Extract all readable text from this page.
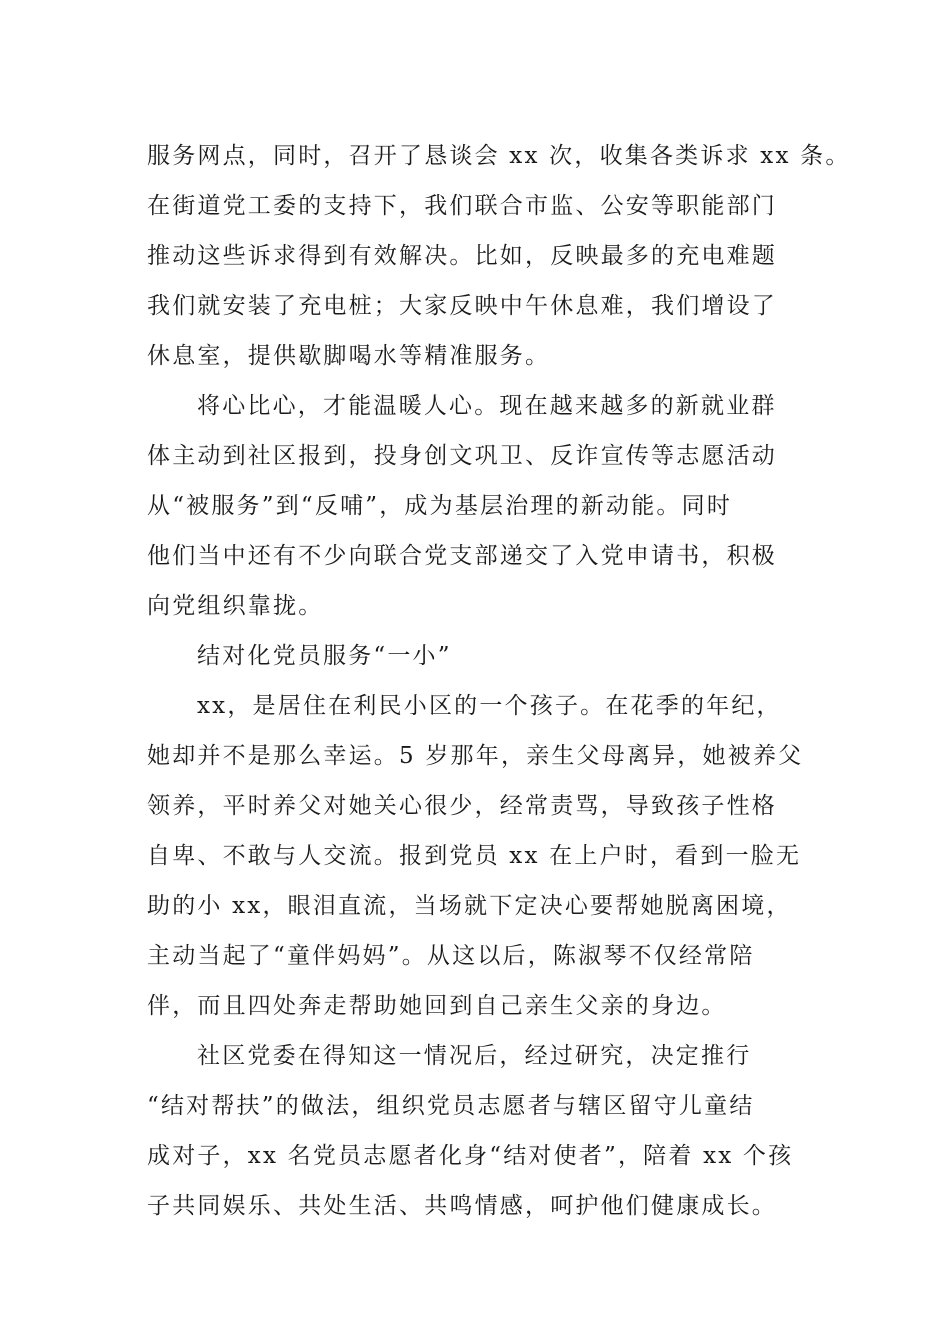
服务网点，同时，召开了恳谈会 xx 次，收集各类诉求 xx 条。
在街道党工委的支持下，我们联合市监、公安等职能部门
推动这些诉求得到有效解决。比如，反映最多的充电难题
我们就安装了充电桩；大家反映中午休息难，我们增设了
休息室，提供歇脚喝水等精准服务。
将心比心，才能温暖人心。现在越来越多的新就业群
体主动到社区报到，投身创文巩卫、反诈宣传等志愿活动
从“被服务”到“反哺”，成为基层治理的新动能。同时
他们当中还有不少向联合党支部递交了入党申请书，积极
向党组织靠拢。
结对化党员服务“一小”
xx，是居住在利民小区的一个孩子。在花季的年纪，
她却并不是那么幸运。5 岁那年，亲生父母离异，她被养父
领养，平时养父对她关心很少，经常责骂，导致孩子性格
自卑、不敢与人交流。报到党员 xx 在上户时，看到一脸无
助的小 xx，眼泪直流，当场就下定决心要帮她脱离困境，
主动当起了“童伴妈妈”。从这以后，陈淑琴不仅经常陪
伴，而且四处奔走帮助她回到自己亲生父亲的身边。
社区党委在得知这一情况后，经过研究，决定推行
“结对帮扶”的做法，组织党员志愿者与辖区留守儿童结
成对子，xx 名党员志愿者化身“结对使者”，陪着 xx 个孩
子共同娱乐、共处生活、共鸣情感，呵护他们健康成长。
